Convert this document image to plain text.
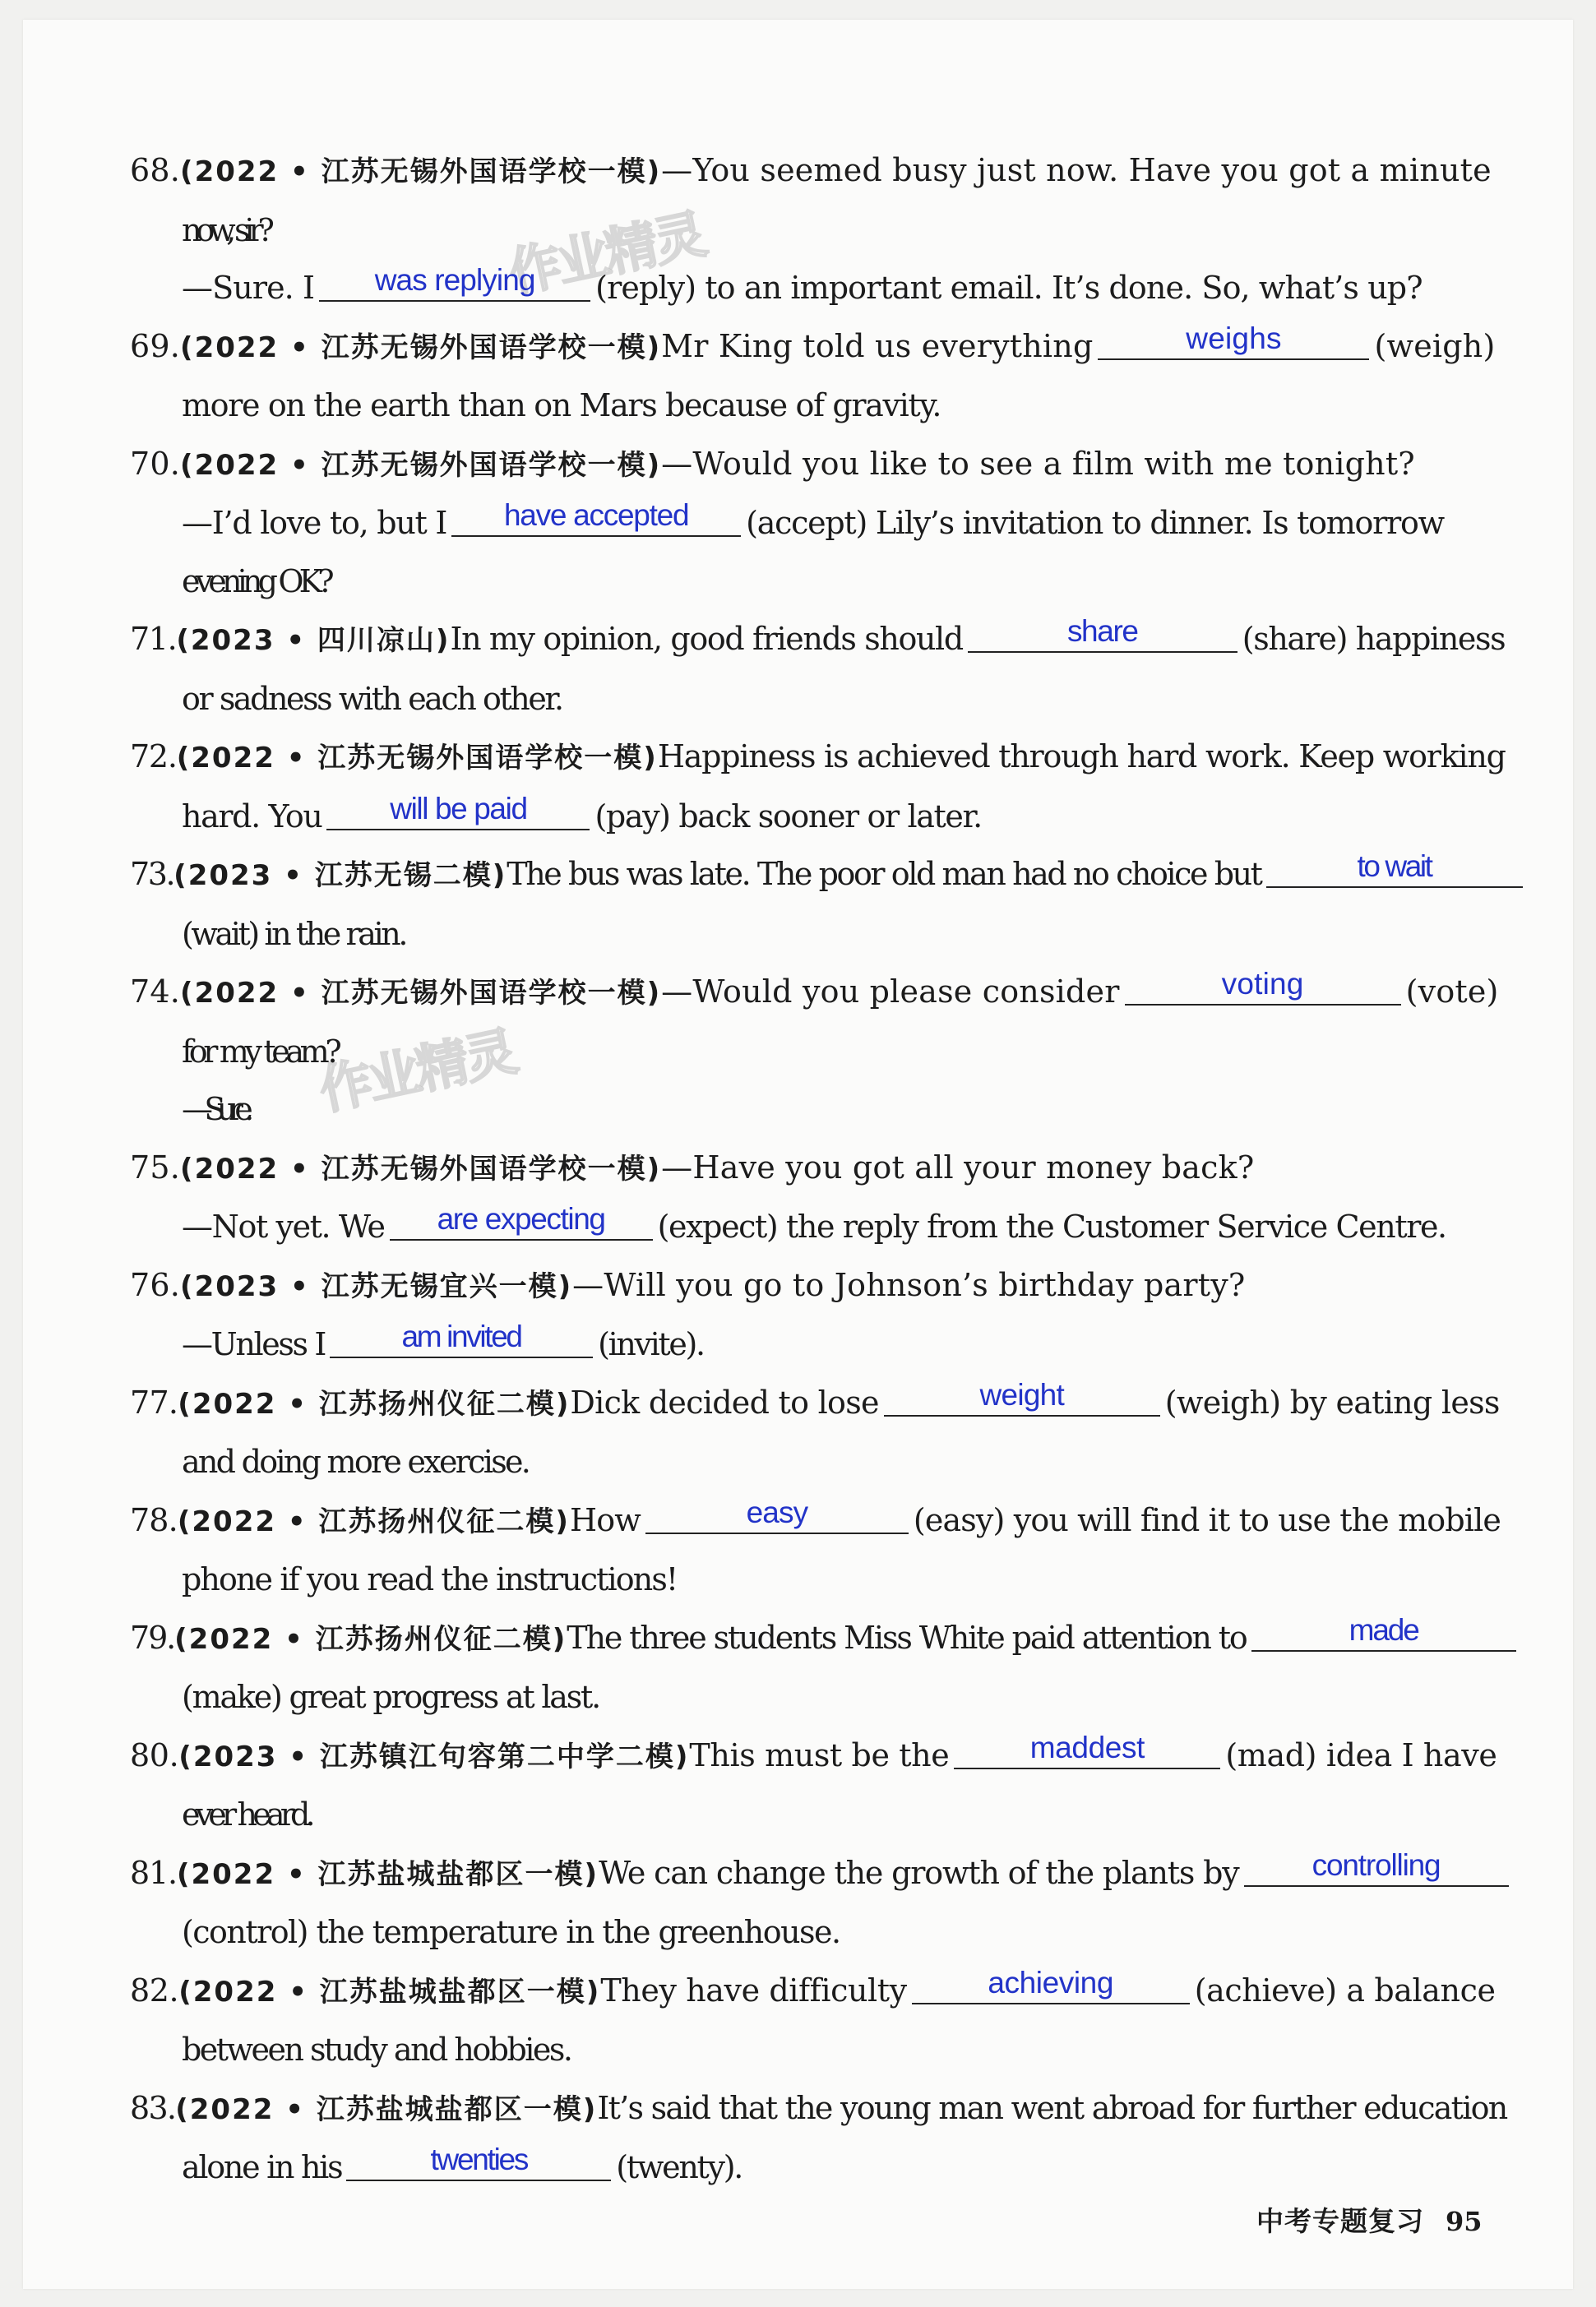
作业精灵
作业精灵
68.(2022 • 江苏无锡外国语学校一模)—You seemed busy just now. Have you got a minute
now, sir?
—Sure. I	was replying	(reply) to an important email. It’s done. So, what’s up?
69.(2022 • 江苏无锡外国语学校一模)Mr King told us everything	weighs	(weigh)
more on the earth than on Mars because of gravity.
70.(2022 • 江苏无锡外国语学校一模)—Would you like to see a film with me tonight?
—I’d love to, but I	have accepted	(accept) Lily’s invitation to dinner. Is tomorrow
evening OK?
71.(2023 • 四川凉山)In my opinion, good friends should	share	(share) happiness
or sadness with each other.
72.(2022 • 江苏无锡外国语学校一模)Happiness is achieved through hard work. Keep working
hard. You	will be paid	(pay) back sooner or later.
73.(2023 • 江苏无锡二模)The bus was late. The poor old man had no choice but	to wait
(wait) in the rain.
74.(2022 • 江苏无锡外国语学校一模)—Would you please consider	voting	(vote)
for my team?
—Sure.
75.(2022 • 江苏无锡外国语学校一模)—Have you got all your money back?
—Not yet. We	are expecting	(expect) the reply from the Customer Service Centre.
76.(2023 • 江苏无锡宜兴一模)—Will you go to Johnson’s birthday party?
—Unless I	am invited	(invite).
77.(2022 • 江苏扬州仪征二模)Dick decided to lose	weight	(weigh) by eating less
and doing more exercise.
78.(2022 • 江苏扬州仪征二模)How	easy	(easy) you will find it to use the mobile
phone if you read the instructions!
79.(2022 • 江苏扬州仪征二模)The three students Miss White paid attention to	made
(make) great progress at last.
80.(2023 • 江苏镇江句容第二中学二模)This must be the	maddest	(mad) idea I have
ever heard.
81.(2022 • 江苏盐城盐都区一模)We can change the growth of the plants by	controlling
(control) the temperature in the greenhouse.
82.(2022 • 江苏盐城盐都区一模)They have difficulty	achieving	(achieve) a balance
between study and hobbies.
83.(2022 • 江苏盐城盐都区一模)It’s said that the young man went abroad for further education
alone in his	twenties	(twenty).
中考专题复习 95
